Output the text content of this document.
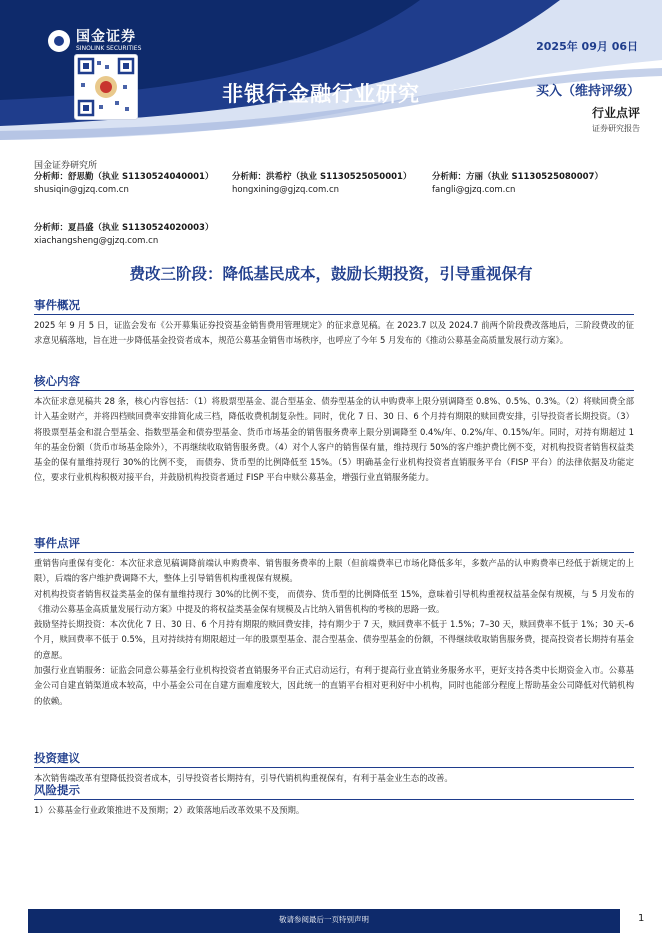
国金证券
SINOLINK SECURITIES	2025年 09月 06日
非银行金融行业研究	买入（维持评级）
行业点评
证券研究报告
国金证券研究所
分析师：舒思勤（执业 S1130524040001）
shusiqin@gjzq.com.cn
分析师：洪希柠（执业 S1130525050001）
hongxining@gjzq.com.cn
分析师：方丽（执业 S1130525080007）
fangli@gjzq.com.cn
分析师：夏昌盛（执业 S1130524020003）
xiachangsheng@gjzq.com.cn
费改三阶段：降低基民成本，鼓励长期投资，引导重视保有
事件概况

2025 年 9 月 5 日，证监会发布《公开募集证券投资基金销售费用管理规定》的征求意见稿。在 2023.7 以及 2024.7 前两个阶段费改落地后，三阶段费改的征求意见稿落地，旨在进一步降低基金投资者成本，规范公募基金销售市场秩序，也呼应了今年 5 月发布的《推动公募基金高质量发展行动方案》。

核心内容

本次征求意见稿共 28 条，核心内容包括：（1）将股票型基金、混合型基金、债券型基金的认申购费率上限分别调降至 0.8%、0.5%、0.3%。（2）将赎回费全部计入基金财产，并将四档赎回费率安排简化成三档，降低收费机制复杂性。同时，优化 7 日、30 日、6 个月持有期限的赎回费安排，引导投资者长期投资。（3）将股票型基金和混合型基金、指数型基金和债券型基金、货币市场基金的销售服务费率上限分别调降至 0.4%/年、0.2%/年、0.15%/年。同时，对持有期超过 1 年的基金份额（货币市场基金除外），不再继续收取销售服务费。（4）对个人客户的销售保有量，维持现行 50%的客户维护费比例不变，对机构投资者销售权益类基金的保有量维持现行 30%的比例不变， 而债券、货币型的比例降低至 15%。（5）明确基金行业机构投资者直销服务平台（FISP 平台）的法律依据及功能定位，要求行业机构积极对接平台，并鼓励机构投资者通过 FISP 平台申赎公募基金，增强行业直销服务能力。

事件点评

重销售向重保有变化：本次征求意见稿调降前端认申购费率、销售服务费率的上限（但前端费率已市场化降低多年，多数产品的认申购费率已经低于新规定的上限），后端的客户维护费调降不大，整体上引导销售机构重视保有规模。

对机构投资者销售权益类基金的保有量维持现行 30%的比例不变， 而债券、货币型的比例降低至 15%，意味着引导机构重视权益基金保有规模，与 5 月发布的《推动公募基金高质量发展行动方案》中提及的将权益类基金保有规模及占比纳入销售机构的考核的思路一致。

鼓励坚持长期投资：本次优化 7 日、30 日、6 个月持有期限的赎回费安排，持有期少于 7 天，赎回费率不低于 1.5%；7–30 天，赎回费率不低于 1%；30 天–6 个月，赎回费率不低于 0.5%，且对持续持有期限超过一年的股票型基金、混合型基金、债券型基金的份额，不得继续收取销售服务费，提高投资者长期持有基金的意愿。

加强行业直销服务：证监会同意公募基金行业机构投资者直销服务平台正式启动运行，有利于提高行业直销业务服务水平，更好支持各类中长期资金入市。公募基金公司自建直销渠道成本较高，中小基金公司在自建方面难度较大，因此统一的直销平台相对更利好中小机构，同时也能部分程度上帮助基金公司降低对代销机构的依赖。

投资建议

本次销售端改革有望降低投资者成本，引导投资者长期持有，引导代销机构重视保有，有利于基金业生态的改善。

风险提示

1）公募基金行业政策推进不及预期；2）政策落地后改革效果不及预期。

敬请参阅最后一页特别声明	1
